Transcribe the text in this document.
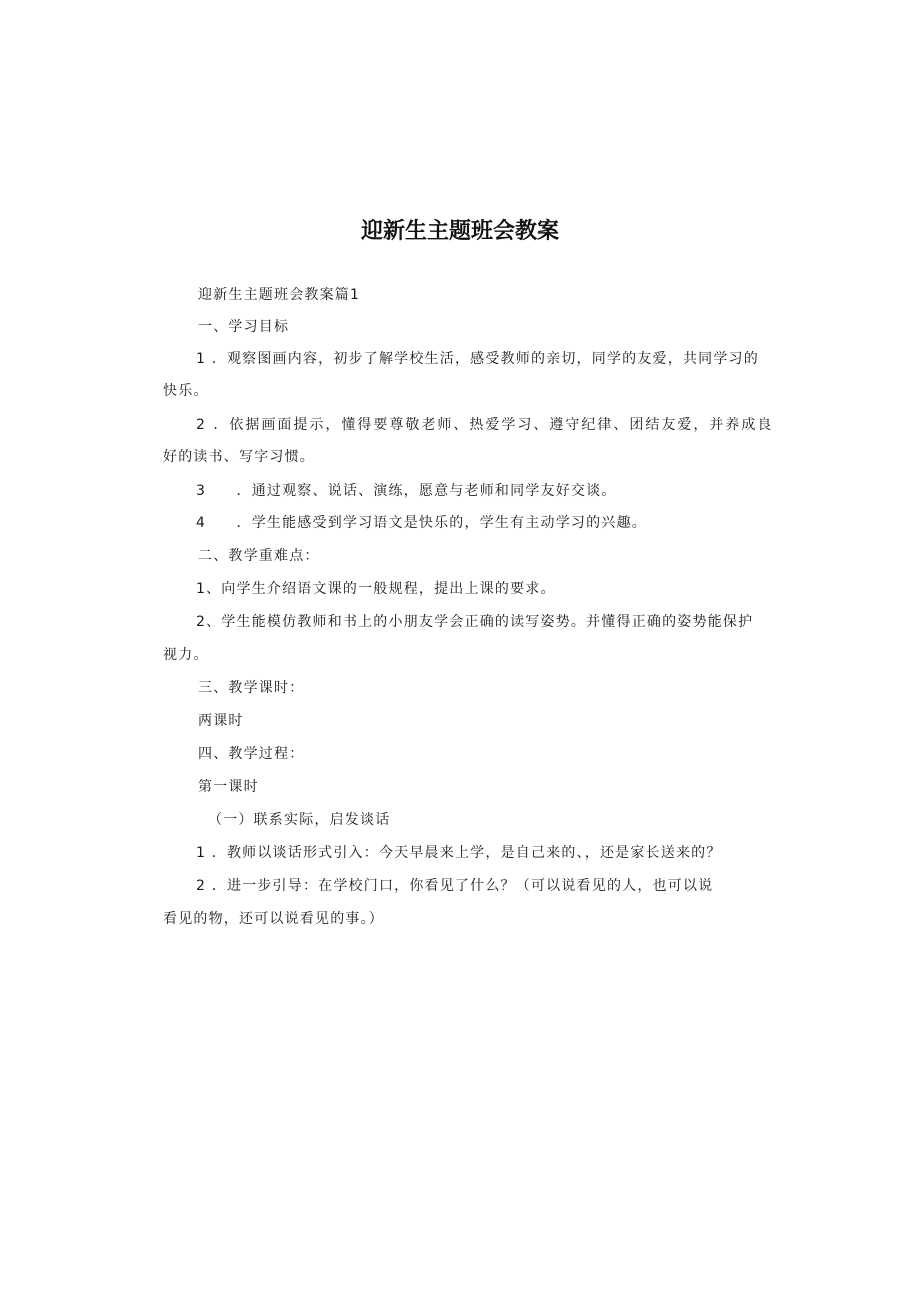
迎新生主题班会教案
迎新生主题班会教案篇1
一、学习目标
1 ．观察图画内容，初步了解学校生活，感受教师的亲切，同学的友爱，共同学习的
快乐。
2 ．依据画面提示，懂得要尊敬老师、热爱学习、遵守纪律、团结友爱，并养成良
好的读书、写字习惯。
3　　．通过观察、说话、演练，愿意与老师和同学友好交谈。
4　　．学生能感受到学习语文是快乐的，学生有主动学习的兴趣。
二、教学重难点：
1、向学生介绍语文课的一般规程，提出上课的要求。
2、学生能模仿教师和书上的小朋友学会正确的读写姿势。并懂得正确的姿势能保护
视力。
三、教学课时：
两课时
四、教学过程：
第一课时
（一）联系实际，启发谈话
1 ．教师以谈话形式引入：今天早晨来上学，是自己来的、，还是家长送来的？
2 ．进一步引导：在学校门口，你看见了什么？（可以说看见的人，也可以说
看见的物，还可以说看见的事。）
